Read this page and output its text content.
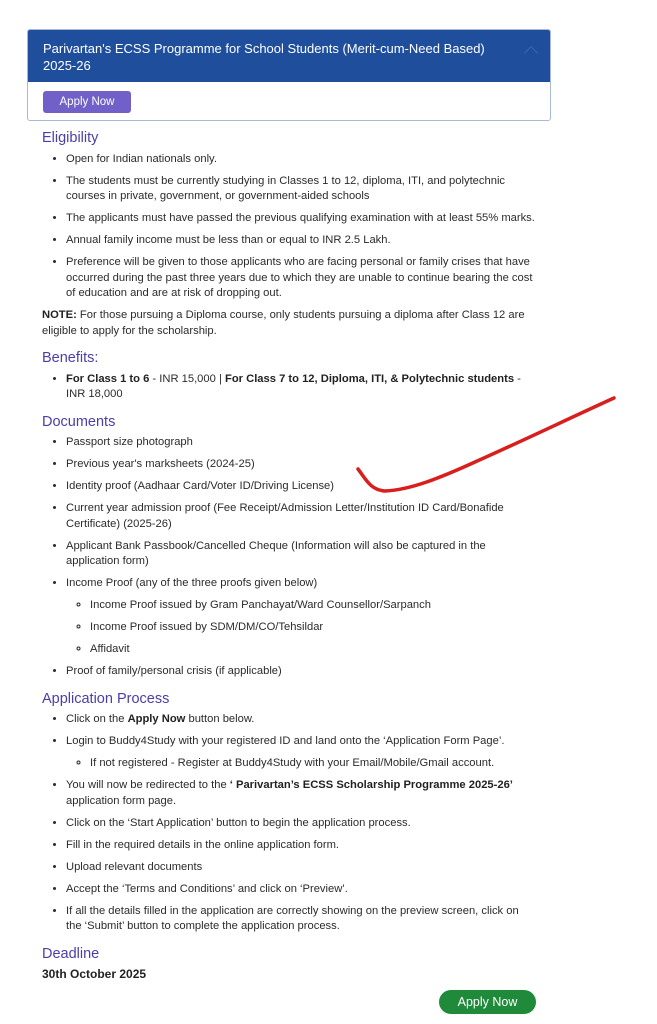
Parivartan's ECSS Programme for School Students (Merit-cum-Need Based) 2025-26
Apply Now
Eligibility
• Open for Indian nationals only.
• The students must be currently studying in Classes 1 to 12, diploma, ITI, and polytechnic courses in private, government, or government-aided schools
• The applicants must have passed the previous qualifying examination with at least 55% marks.
• Annual family income must be less than or equal to INR 2.5 Lakh.
• Preference will be given to those applicants who are facing personal or family crises that have occurred during the past three years due to which they are unable to continue bearing the cost of education and are at risk of dropping out.

NOTE: For those pursuing a Diploma course, only students pursuing a diploma after Class 12 are eligible to apply for the scholarship.

Benefits:
• For Class 1 to 6 - INR 15,000 | For Class 7 to 12, Diploma, ITI, & Polytechnic students - INR 18,000
Documents
• Passport size photograph
• Previous year's marksheets (2024-25)
• Identity proof (Aadhaar Card/Voter ID/Driving License)
• Current year admission proof (Fee Receipt/Admission Letter/Institution ID Card/Bonafide Certificate) (2025-26)
• Applicant Bank Passbook/Cancelled Cheque (Information will also be captured in the application form)
• Income Proof (any of the three proofs given below)
◦ Income Proof issued by Gram Panchayat/Ward Counsellor/Sarpanch
◦ Income Proof issued by SDM/DM/CO/Tehsildar
◦ Affidavit
• Proof of family/personal crisis (if applicable)
Application Process
• Click on the Apply Now button below.
• Login to Buddy4Study with your registered ID and land onto the ‘Application Form Page’.
◦ If not registered - Register at Buddy4Study with your Email/Mobile/Gmail account.
• You will now be redirected to the ‘ Parivartan’s ECSS Scholarship Programme 2025-26’ application form page.
• Click on the ‘Start Application’ button to begin the application process.
• Fill in the required details in the online application form.
• Upload relevant documents
• Accept the ‘Terms and Conditions’ and click on ‘Preview’.
• If all the details filled in the application are correctly showing on the preview screen, click on the ‘Submit’ button to complete the application process.
Deadline
30th October 2025
Apply Now
